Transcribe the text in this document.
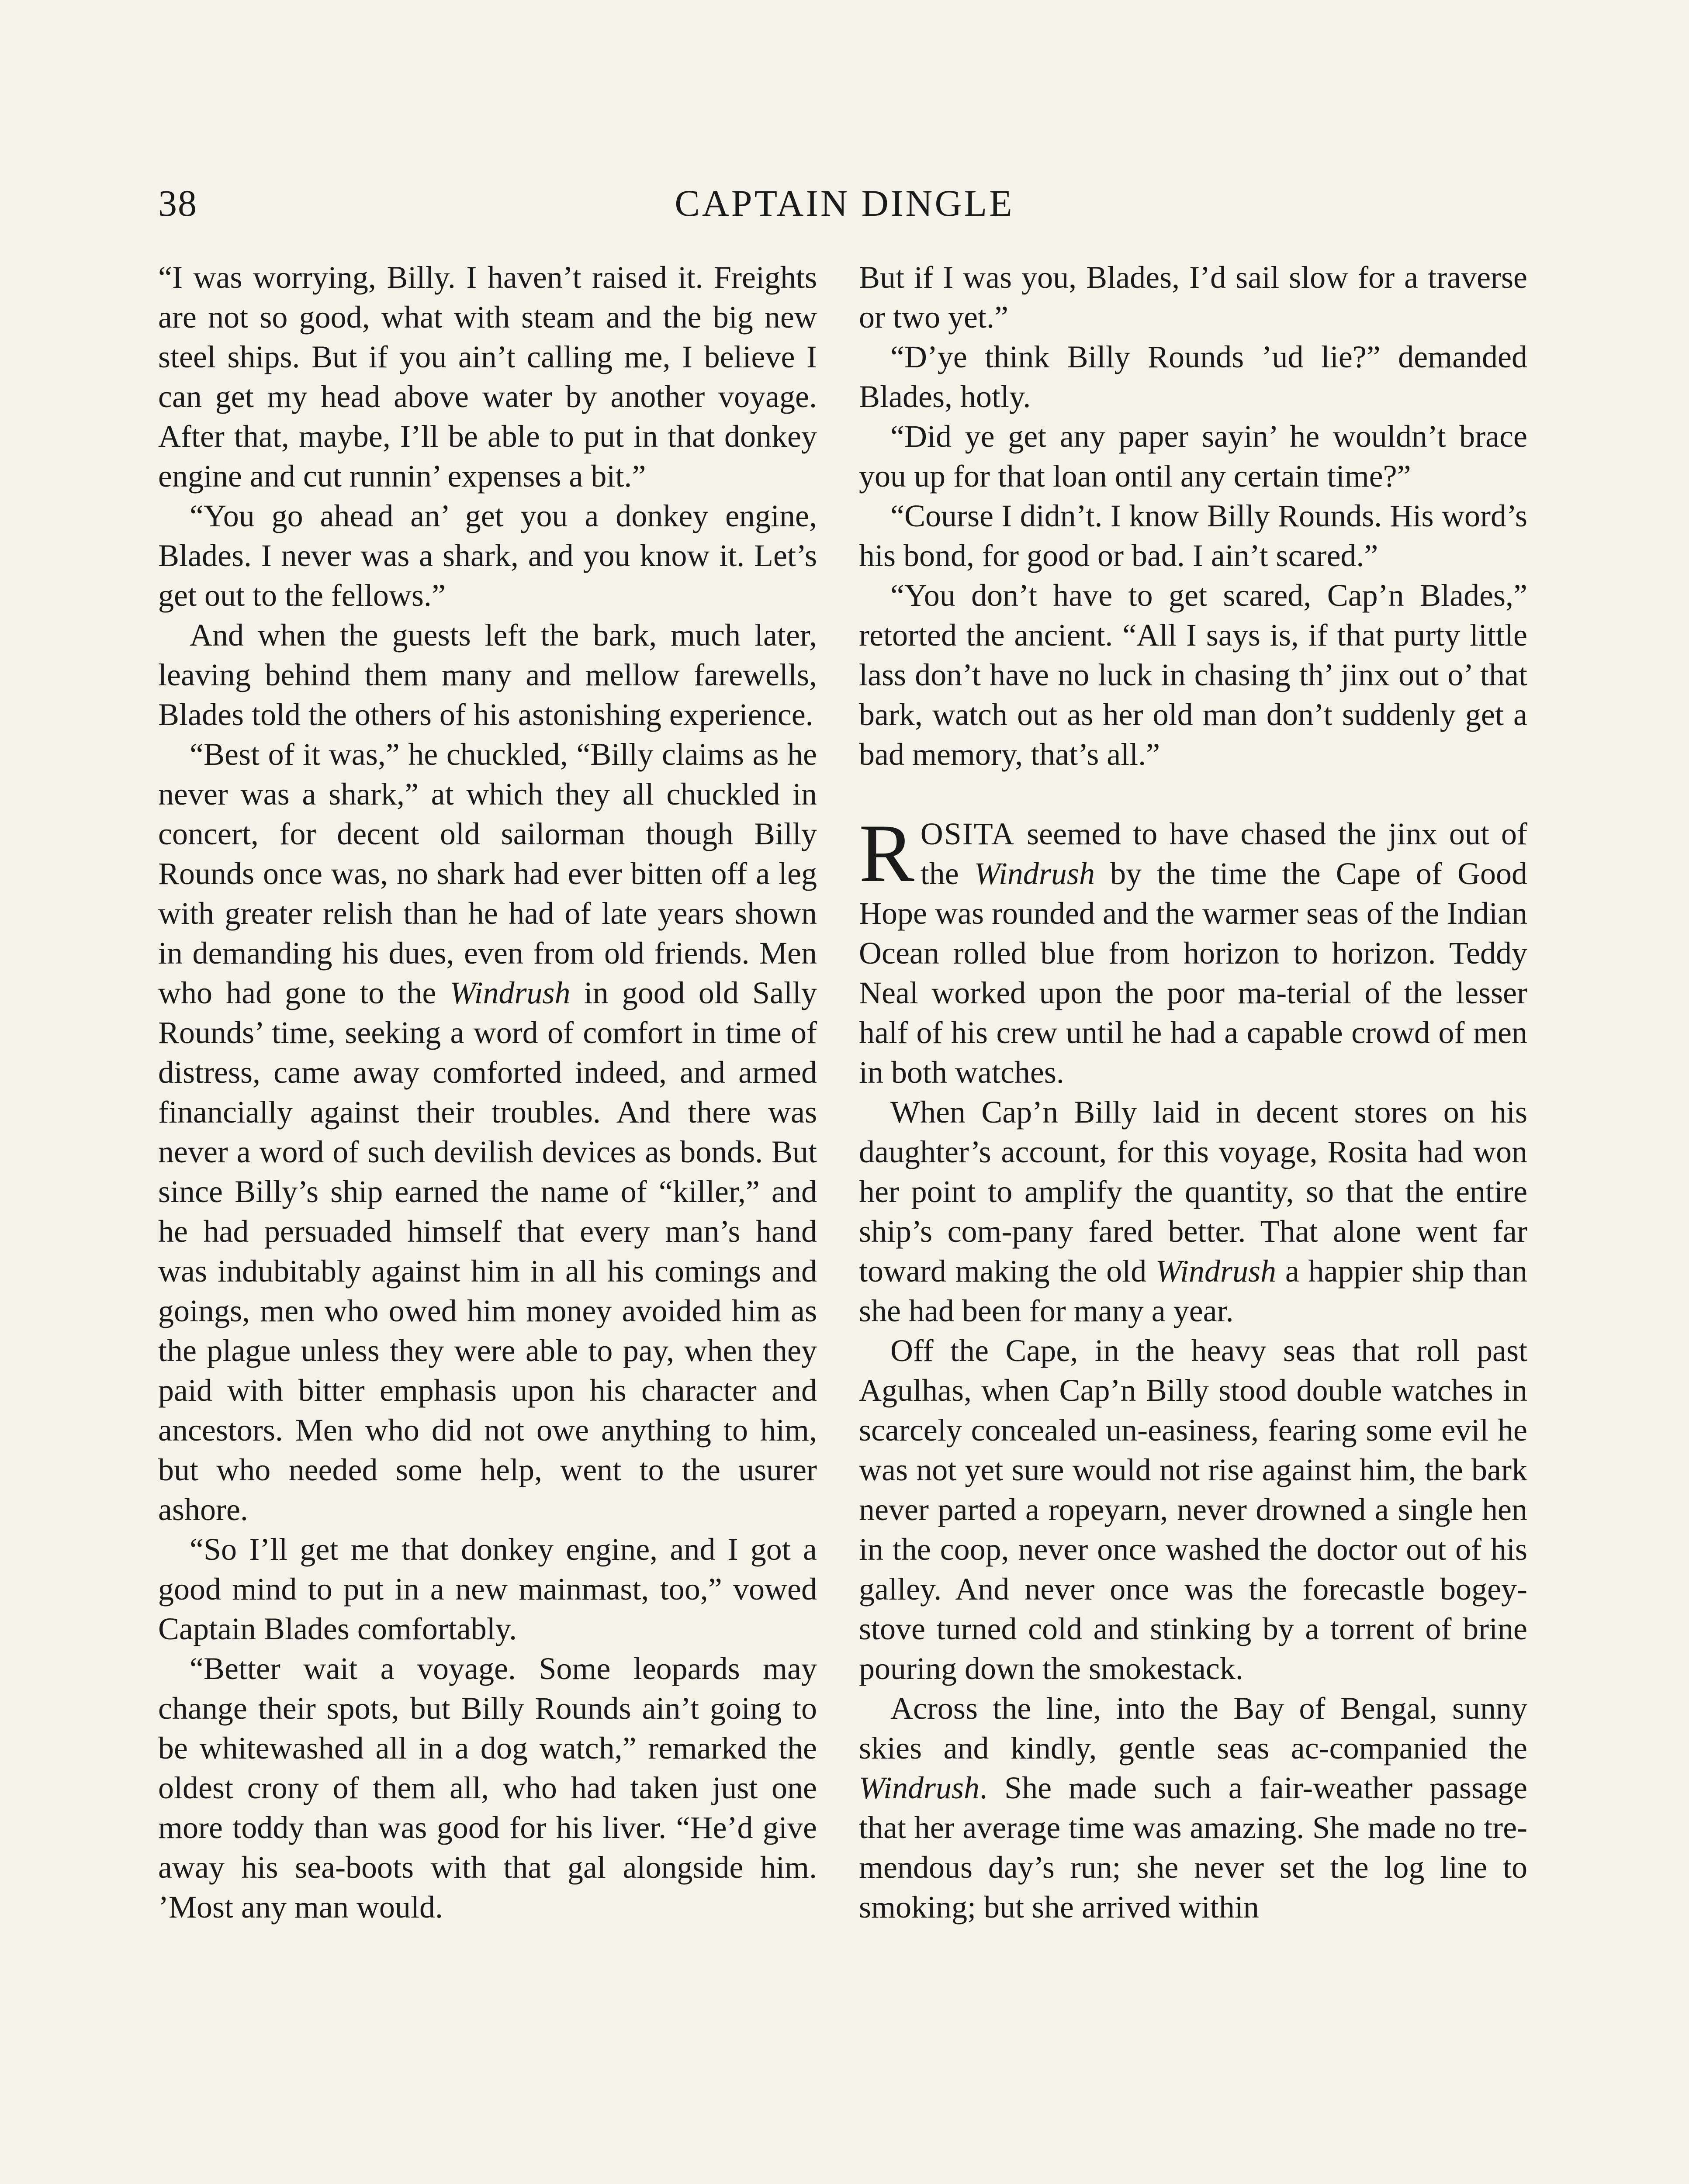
38	CAPTAIN DINGLE

“I was worrying, Billy. I haven’t raised it. Freights are not so good, what with steam and the big new steel ships. But if you ain’t calling me, I believe I can get my head above water by another voyage. After that, maybe, I’ll be able to put in that donkey engine and cut runnin’ expenses a bit.”

“You go ahead an’ get you a donkey engine, Blades. I never was a shark, and you know it. Let’s get out to the fellows.”

And when the guests left the bark, much later, leaving behind them many and mellow farewells, Blades told the others of his astonishing experience.

“Best of it was,” he chuckled, “Billy claims as he never was a shark,” at which they all chuckled in concert, for decent old sailorman though Billy Rounds once was, no shark had ever bitten off a leg with greater relish than he had of late years shown in demanding his dues, even from old friends. Men who had gone to the Windrush in good old Sally Rounds’ time, seeking a word of comfort in time of distress, came away comforted indeed, and armed financially against their troubles. And there was never a word of such devilish devices as bonds. But since Billy’s ship earned the name of “killer,” and he had persuaded himself that every man’s hand was indubitably against him in all his comings and goings, men who owed him money avoided him as the plague unless they were able to pay, when they paid with bitter emphasis upon his character and ancestors. Men who did not owe anything to him, but who needed some help, went to the usurer ashore.

“So I’ll get me that donkey engine, and I got a good mind to put in a new mainmast, too,” vowed Captain Blades comfortably.

“Better wait a voyage. Some leopards may change their spots, but Billy Rounds ain’t going to be whitewashed all in a dog watch,” remarked the oldest crony of them all, who had taken just one more toddy than was good for his liver. “He’d give away his sea-boots with that gal alongside him. ’Most any man would.

But if I was you, Blades, I’d sail slow for a traverse or two yet.”

“D’ye think Billy Rounds ’ud lie?” demanded Blades, hotly.

“Did ye get any paper sayin’ he wouldn’t brace you up for that loan ontil any certain time?”

“Course I didn’t. I know Billy Rounds. His word’s his bond, for good or bad. I ain’t scared.”

“You don’t have to get scared, Cap’n Blades,” retorted the ancient. “All I says is, if that purty little lass don’t have no luck in chasing th’ jinx out o’ that bark, watch out as her old man don’t suddenly get a bad memory, that’s all.”

ROSITA seemed to have chased the jinx out of the Windrush by the time the Cape of Good Hope was rounded and the warmer seas of the Indian Ocean rolled blue from horizon to horizon. Teddy Neal worked upon the poor ma-terial of the lesser half of his crew until he had a capable crowd of men in both watches.

When Cap’n Billy laid in decent stores on his daughter’s account, for this voyage, Rosita had won her point to amplify the quantity, so that the entire ship’s com-pany fared better. That alone went far toward making the old Windrush a happier ship than she had been for many a year.

Off the Cape, in the heavy seas that roll past Agulhas, when Cap’n Billy stood double watches in scarcely concealed un-easiness, fearing some evil he was not yet sure would not rise against him, the bark never parted a ropeyarn, never drowned a single hen in the coop, never once washed the doctor out of his galley. And never once was the forecastle bogey-stove turned cold and stinking by a torrent of brine pouring down the smokestack.

Across the line, into the Bay of Bengal, sunny skies and kindly, gentle seas ac-companied the Windrush. She made such a fair-weather passage that her average time was amazing. She made no tre-mendous day’s run; she never set the log line to smoking; but she arrived within
